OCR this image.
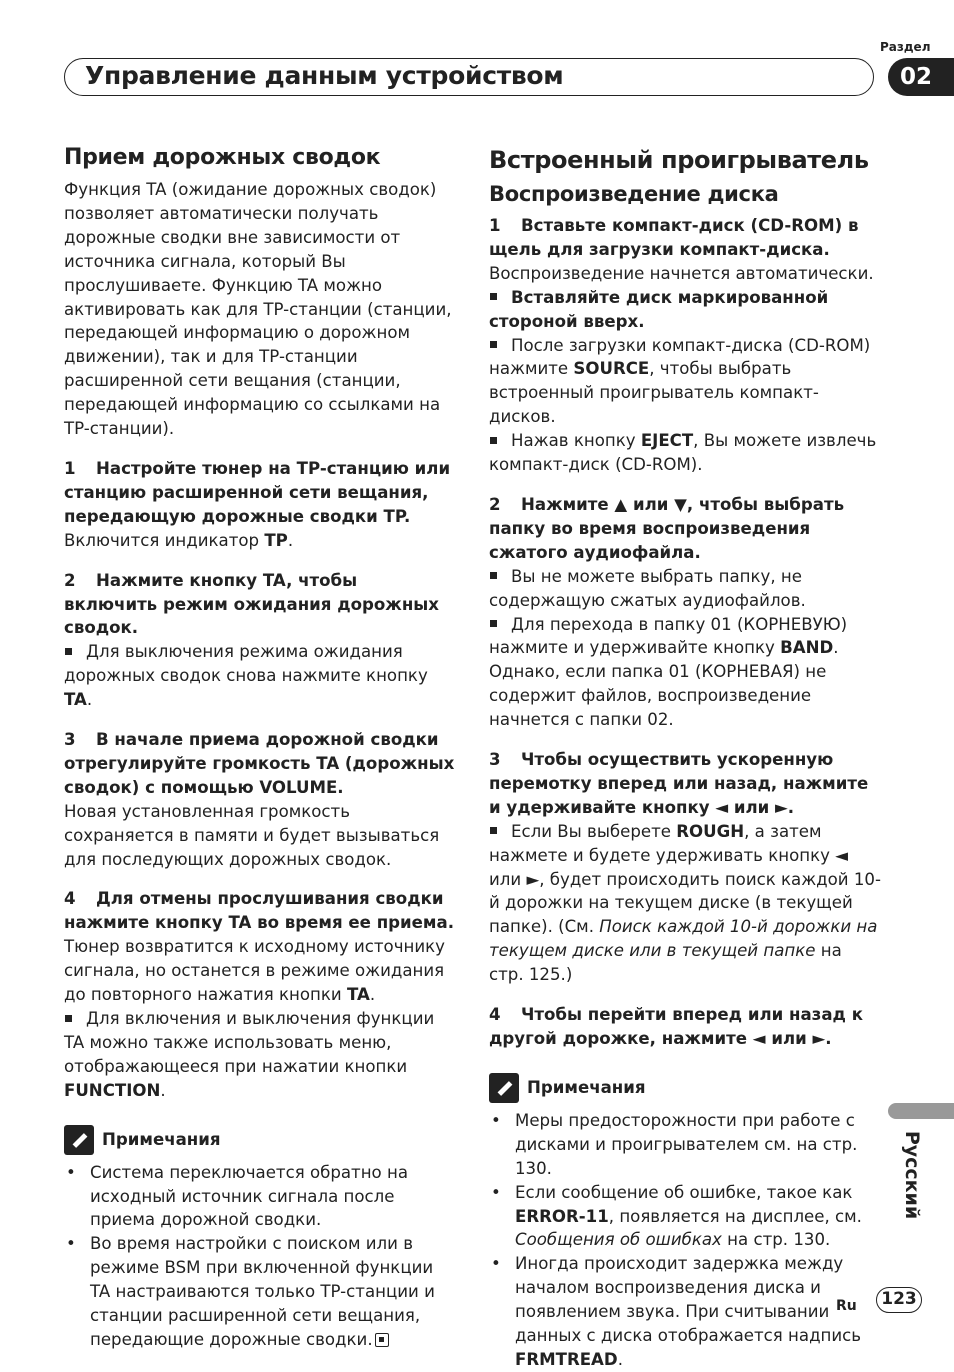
Управление данным устройством
Раздел
02
Прием дорожных сводок

Функция TA (ожидание дорожных сводок) позволяет автоматически получать дорожные сводки вне зависимости от источника сигнала, который Вы прослушиваете. Функцию TA можно активировать как для TP-станции (станции, передающей информацию о дорожном движении), так и для TP-станции расширенной сети вещания (станции, передающей информацию со ссылками на TP-станции).

1 Настройте тюнер на TP-станцию или станцию расширенной сети вещания, передающую дорожные сводки TP.

Включится индикатор TP.

2 Нажмите кнопку TA, чтобы включить режим ожидания дорожных сводок.

Для выключения режима ожидания дорожных сводок снова нажмите кнопку TA.

3 В начале приема дорожной сводки отрегулируйте громкость TA (дорожных сводок) с помощью VOLUME.

Новая установленная громкость сохраняется в памяти и будет вызываться для последующих дорожных сводок.

4 Для отмены прослушивания сводки нажмите кнопку TA во время ее приема.

Тюнер возвратится к исходному источнику сигнала, но останется в режиме ожидания до повторного нажатия кнопки TA.

Для включения и выключения функции TA можно также использовать меню, отображающееся при нажатии кнопки FUNCTION.

Примечания
• Система переключается обратно на исходный источник сигнала после приема дорожной сводки.
• Во время настройки с поиском или в режиме BSM при включенной функции TA настраиваются только TP-станции и станции расширенной сети вещания, передающие дорожные сводки.
Встроенный проигрыватель
Воспроизведение диска

1 Вставьте компакт-диск (CD-ROM) в щель для загрузки компакт-диска.

Воспроизведение начнется автоматически.

Вставляйте диск маркированной стороной вверх.

После загрузки компакт-диска (CD-ROM) нажмите SOURCE, чтобы выбрать встроенный проигрыватель компакт-дисков.

Нажав кнопку EJECT, Вы можете извлечь компакт-диск (CD-ROM).

2 Нажмите ▲ или ▼, чтобы выбрать папку во время воспроизведения сжатого аудиофайла.

Вы не можете выбрать папку, не содержащую сжатых аудиофайлов.

Для перехода в папку 01 (КОРНЕВУЮ) нажмите и удерживайте кнопку BAND. Однако, если папка 01 (КОРНЕВАЯ) не содержит файлов, воспроизведение начнется с папки 02.

3 Чтобы осуществить ускоренную перемотку вперед или назад, нажмите и удерживайте кнопку ◄ или ►.

Если Вы выберете ROUGH, а затем нажмете и будете удерживать кнопку ◄ или ►, будет происходить поиск каждой 10-й дорожки на текущем диске (в текущей папке). (См. Поиск каждой 10-й дорожки на текущем диске или в текущей папке на стр. 125.)

4 Чтобы перейти вперед или назад к другой дорожке, нажмите ◄ или ►.

Примечания
• Меры предосторожности при работе с дисками и проигрывателем см. на стр. 130.
• Если сообщение об ошибке, такое как ERROR-11, появляется на дисплее, см. Сообщения об ошибках на стр. 130.
• Иногда происходит задержка между началом воспроизведения диска и появлением звука. При считывании данных с диска отображается надпись FRMTREAD.
Русский
Ru	123
